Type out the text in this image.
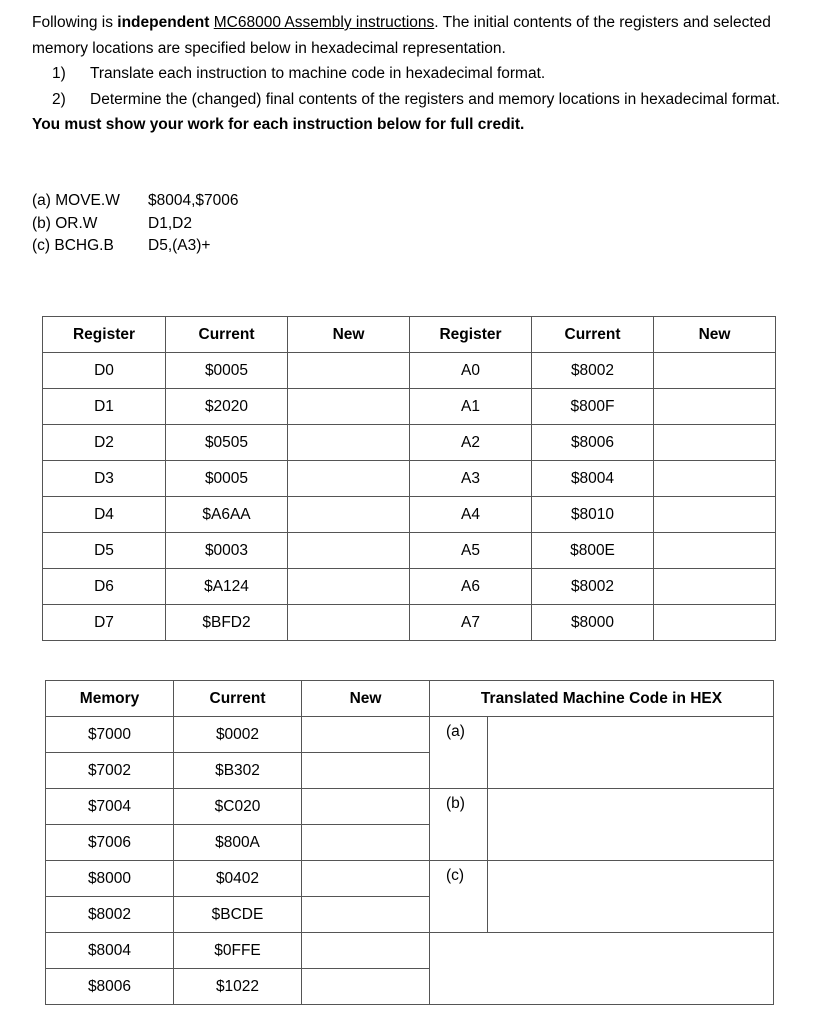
Following is independent MC68000 Assembly instructions. The initial contents of the registers and selected memory locations are specified below in hexadecimal representation.

1) Translate each instruction to machine code in hexadecimal format.
2) Determine the (changed) final contents of the registers and memory locations in hexadecimal format.

You must show your work for each instruction below for full credit.

(a) MOVE.W	$8004,$7006
(b) OR.W	D1,D2
(c) BCHG.B	D5,(A3)+
Register	Current	New	Register	Current	New
D0	$0005		A0	$8002	
D1	$2020		A1	$800F	
D2	$0505		A2	$8006	
D3	$0005		A3	$8004	
D4	$A6AA		A4	$8010	
D5	$0003		A5	$800E	
D6	$A124		A6	$8002	
D7	$BFD2		A7	$8000	
Memory	Current	New	Translated Machine Code in HEX	
$7000	$0002		(a)	
$7002	$B302			
$7004	$C020		(b)	
$7006	$800A			
$8000	$0402		(c)	
$8002	$BCDE			
$8004	$0FFE			
$8006	$1022			
